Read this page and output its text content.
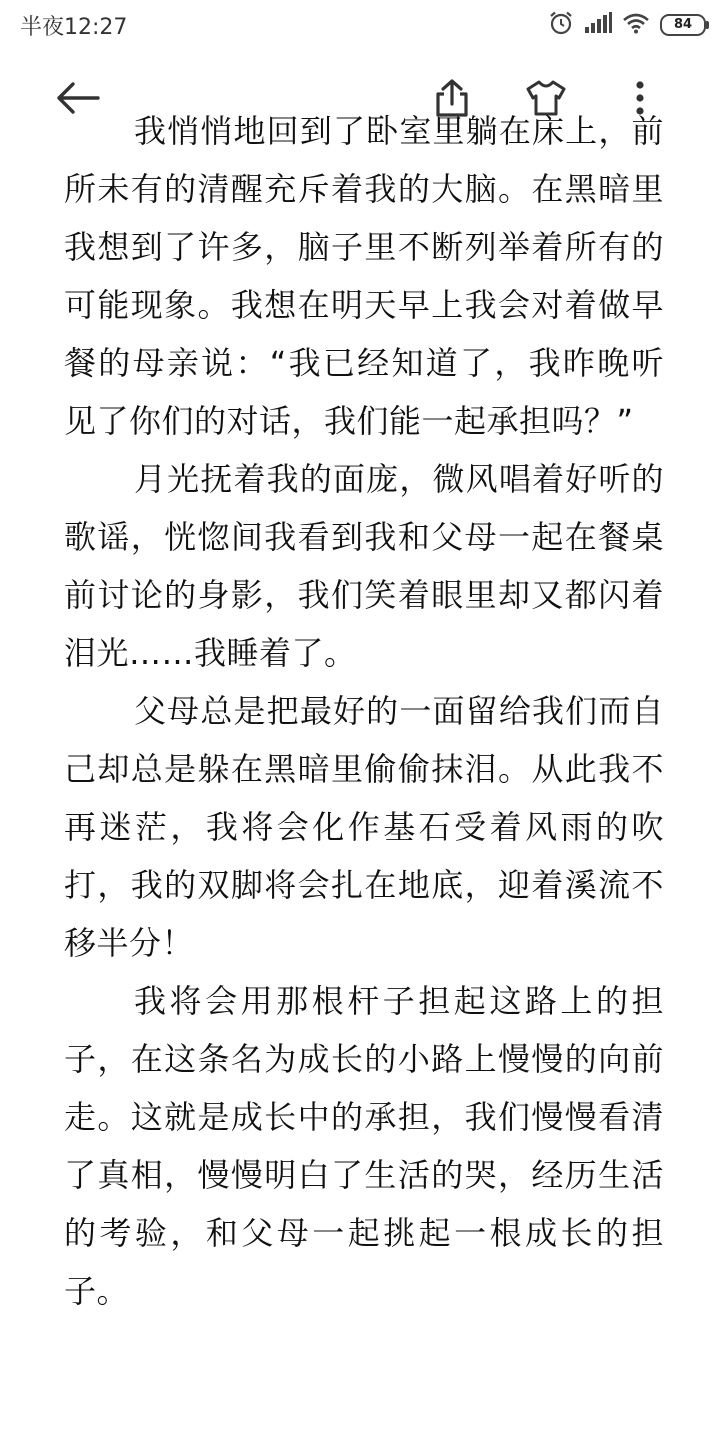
半夜12:27	84

我悄悄地回到了卧室里躺在床上，前所未有的清醒充斥着我的大脑。在黑暗里我想到了许多，脑子里不断列举着所有的可能现象。我想在明天早上我会对着做早餐的母亲说：“我已经知道了，我昨晚听见了你们的对话，我们能一起承担吗？”

月光抚着我的面庞，微风唱着好听的歌谣，恍惚间我看到我和父母一起在餐桌前讨论的身影，我们笑着眼里却又都闪着泪光……我睡着了。

父母总是把最好的一面留给我们而自己却总是躲在黑暗里偷偷抹泪。从此我不再迷茫，我将会化作基石受着风雨的吹打，我的双脚将会扎在地底，迎着溪流不移半分！

我将会用那根杆子担起这路上的担子，在这条名为成长的小路上慢慢的向前走。这就是成长中的承担，我们慢慢看清了真相，慢慢明白了生活的哭，经历生活的考验，和父母一起挑起一根成长的担子。
